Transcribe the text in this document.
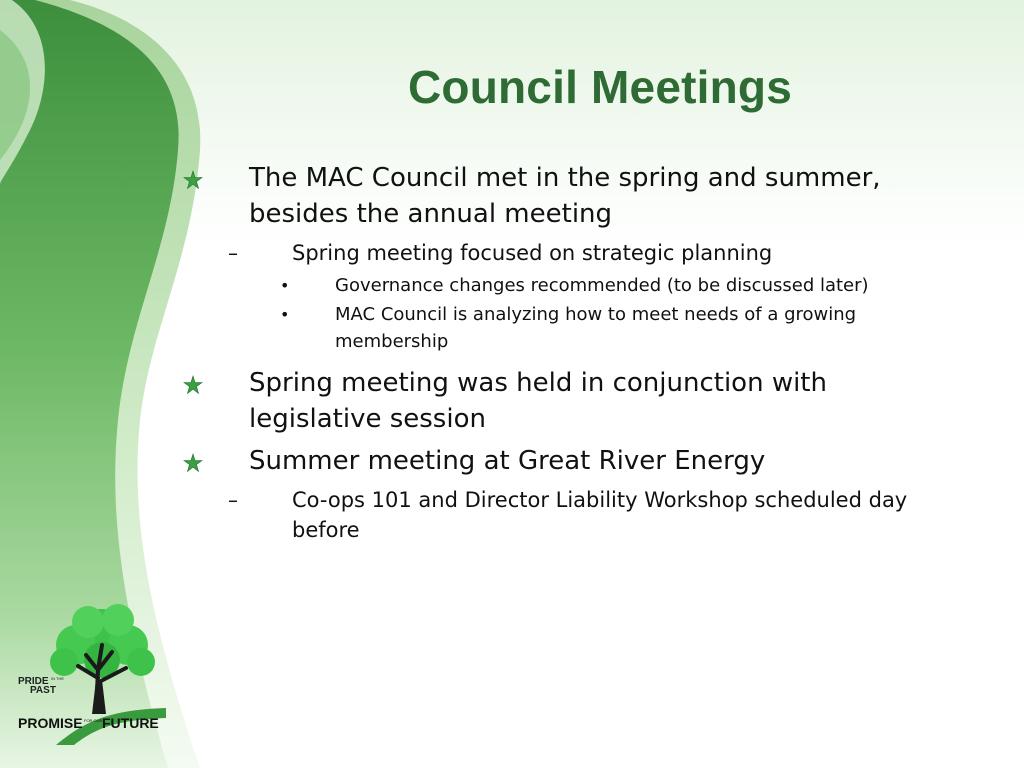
Council Meetings
The MAC Council met in the spring and summer, besides the annual meeting
–	Spring meeting focused on strategic planning
•	Governance changes recommended (to be discussed later)
•	MAC Council is analyzing how to meet needs of a growing membership
Spring meeting was held in conjunction with legislative session
Summer meeting at Great River Energy
–	Co-ops 101 and Director Liability Workshop scheduled day before
PRIDE IN THE
PAST
PROMISE FOR OUR FUTURE
